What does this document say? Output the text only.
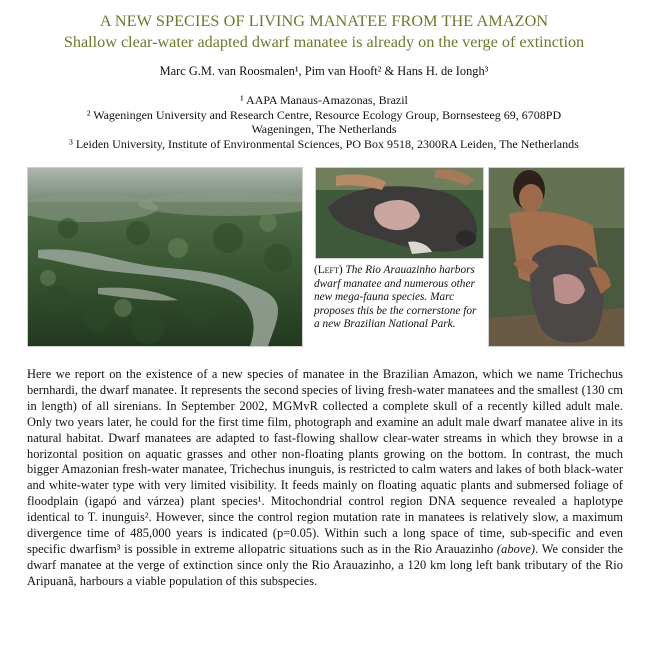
A NEW SPECIES OF LIVING MANATEE FROM THE AMAZON
Shallow clear-water adapted dwarf manatee is already on the verge of extinction
Marc G.M. van Roosmalen¹, Pim van Hooft² & Hans H. de Iongh³
¹ AAPA Manaus-Amazonas, Brazil
² Wageningen University and Research Centre, Resource Ecology Group, Bornsesteeg 69, 6708PD
Wageningen, The Netherlands
³ Leiden University, Institute of Environmental Sciences, PO Box 9518, 2300RA Leiden, The Netherlands
(Left) The Rio Arauazinho harbors dwarf manatee and numerous other new mega-fauna species. Marc proposes this be the cornerstone for a new Brazilian National Park.
Here we report on the existence of a new species of manatee in the Brazilian Amazon, which we name Trichechus bernhardi, the dwarf manatee. It represents the second species of living fresh-water manatees and the smallest (130 cm in length) of all sirenians. In September 2002, MGMvR collected a complete skull of a recently killed adult male. Only two years later, he could for the first time film, photograph and examine an adult male dwarf manatee alive in its natural habitat. Dwarf manatees are adapted to fast-flowing shallow clear-water streams in which they browse in a horizontal position on aquatic grasses and other non-floating plants growing on the bottom. In contrast, the much bigger Amazonian fresh-water manatee, Trichechus inunguis, is restricted to calm waters and lakes of both black-water and white-water type with very limited visibility. It feeds mainly on floating aquatic plants and submersed foliage of floodplain (igapó and várzea) plant species¹. Mitochondrial control region DNA sequence revealed a haplotype identical to T. inunguis². However, since the control region mutation rate in manatees is relatively slow, a maximum divergence time of 485,000 years is indicated (p=0.05). Within such a long space of time, sub-specific and even specific dwarfism³ is possible in extreme allopatric situations such as in the Rio Arauazinho (above). We consider the dwarf manatee at the verge of extinction since only the Rio Arauazinho, a 120 km long left bank tributary of the Rio Aripuanã, harbours a viable population of this subspecies.
